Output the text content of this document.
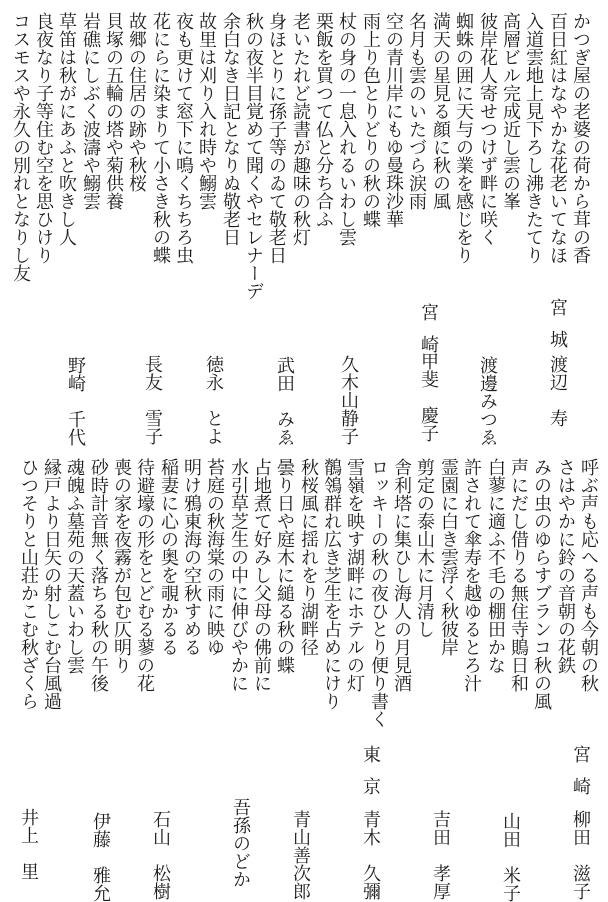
かつぎ屋の老婆の荷から茸の香
百日紅はなやかな花老いてなほ
入道雲地上見下ろし沸きたてり
高層ビル完成近し雲の峯
彼岸花人寄せつけず畔に咲く
蜘蛛の囲に天与の業を感じをり
満天の星見る顔に秋の風
名月も雲のいたづら涙雨
空の青川岸にもゆ曼珠沙華
雨上り色とりどりの秋の蝶
杖の身の一息入れるいわし雲
栗飯を買つて仏と分ち合ふ
老いたれど読書が趣味の秋灯
身ほとりに孫子等のゐて敬老日
秋の夜半目覚めて聞くやセレナーデ
余白なき日記となりぬ敬老日
故里は刈り入れ時や鰯雲
夜も更けて窓下に鳴くちちろ虫
花にらに染まりて小さき秋の蝶
故郷の住居の跡や秋桜
貝塚の五輪の塔や菊供養
岩礁にしぶく波濤や鰯雲
草笛は秋がにあふと吹きし人
良夜なり子等住む空を思ひけり
コスモスや永久の別れとなりし友
宮城
渡辺　寿
渡邊みつゑ
宮崎
甲斐　慶子
久木山静子
武田　みゑ
徳永　とよ
長友　雪子
野崎　千代
呼ぶ声も応へる声も今朝の秋
さはやかに鈴の音朝の花鉄
みの虫のゆらすブランコ秋の風
声にだし借りる無住寺鵙日和
白蓼に適ふ不毛の棚田かな
許されて傘寿を越ゆるとろ汁
霊園に白き雲浮く秋彼岸
剪定の泰山木に月清し
舎利塔に集ひし海人の月見酒
ロッキーの秋の夜ひとり便り書く
雪嶺を映す湖畔にホテルの灯
鶺鴒群れ広き芝生を占めにけり
秋桜風に揺れをり湖畔径
曇り日や庭木に縋る秋の蝶
占地煮て好みし父母の佛前に
水引草芝生の中に伸びやかに
苔庭の秋海棠の雨に映ゆ
明け鴉東海の空秋すめる
稲妻に心の奥を覗かるる
待避壕の形をとどむる蓼の花
喪の家を夜霧が包む仄明り
砂時計音無く落ちる秋の午後
魂魄ふ墓苑の天蓋いわし雲
縁戸より日矢の射しこむ台風過
ひつそりと山荘かこむ秋ざくら
宮崎
柳田　滋子
山田　米子
吉田　孝厚
東京
青木　久彌
青山善次郎
吾孫のどか
石山　松樹
伊藤　雅允
井上　里
